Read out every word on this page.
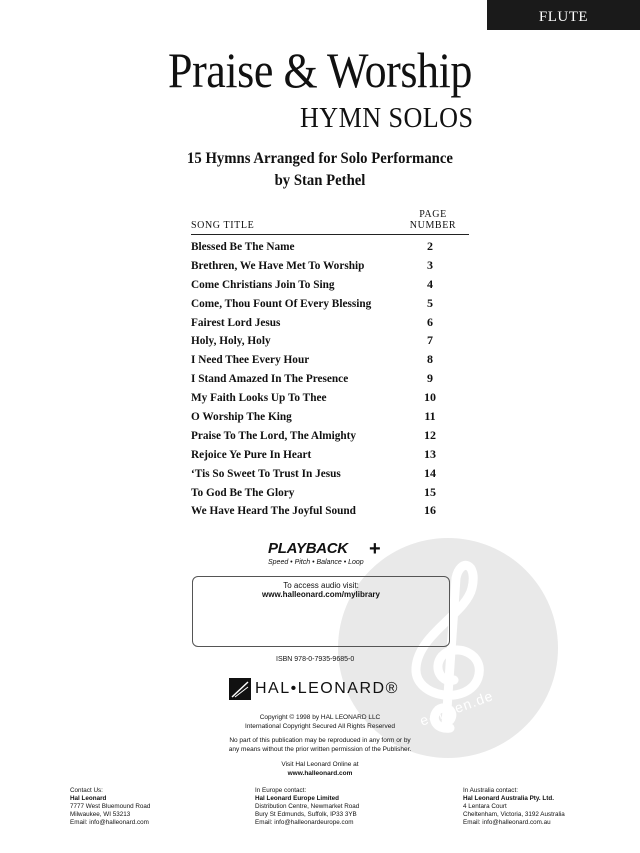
FLUTE
Praise & Worship
HYMN SOLOS
15 Hymns Arranged for Solo Performance
by Stan Pethel
SONG TITLE
PAGE
NUMBER
Blessed Be The Name	2
Brethren, We Have Met To Worship	3
Come Christians Join To Sing	4
Come, Thou Fount Of Every Blessing	5
Fairest Lord Jesus	6
Holy, Holy, Holy	7
I Need Thee Every Hour	8
I Stand Amazed In The Presence	9
My Faith Looks Up To Thee	10
O Worship The King	11
Praise To The Lord, The Almighty	12
Rejoice Ye Pure In Heart	13
‘Tis So Sweet To Trust In Jesus	14
To God Be The Glory	15
We Have Heard The Joyful Sound	16
e-noten.de
PLAYBACK +
Speed • Pitch • Balance • Loop
To access audio visit:
www.halleonard.com/mylibrary
ISBN 978-0-7935-9685-0
HAL•LEONARD®
Copyright © 1998 by HAL LEONARD LLC
International Copyright Secured All Rights Reserved
No part of this publication may be reproduced in any form or by
any means without the prior written permission of the Publisher.
Visit Hal Leonard Online at
www.halleonard.com
Contact Us:
Hal Leonard
7777 West Bluemound Road
Milwaukee, WI 53213
Email: info@halleonard.com
In Europe contact:
Hal Leonard Europe Limited
Distribution Centre, Newmarket Road
Bury St Edmunds, Suffolk, IP33 3YB
Email: info@halleonardeurope.com
In Australia contact:
Hal Leonard Australia Pty. Ltd.
4 Lentara Court
Cheltenham, Victoria, 3192 Australia
Email: info@halleonard.com.au
